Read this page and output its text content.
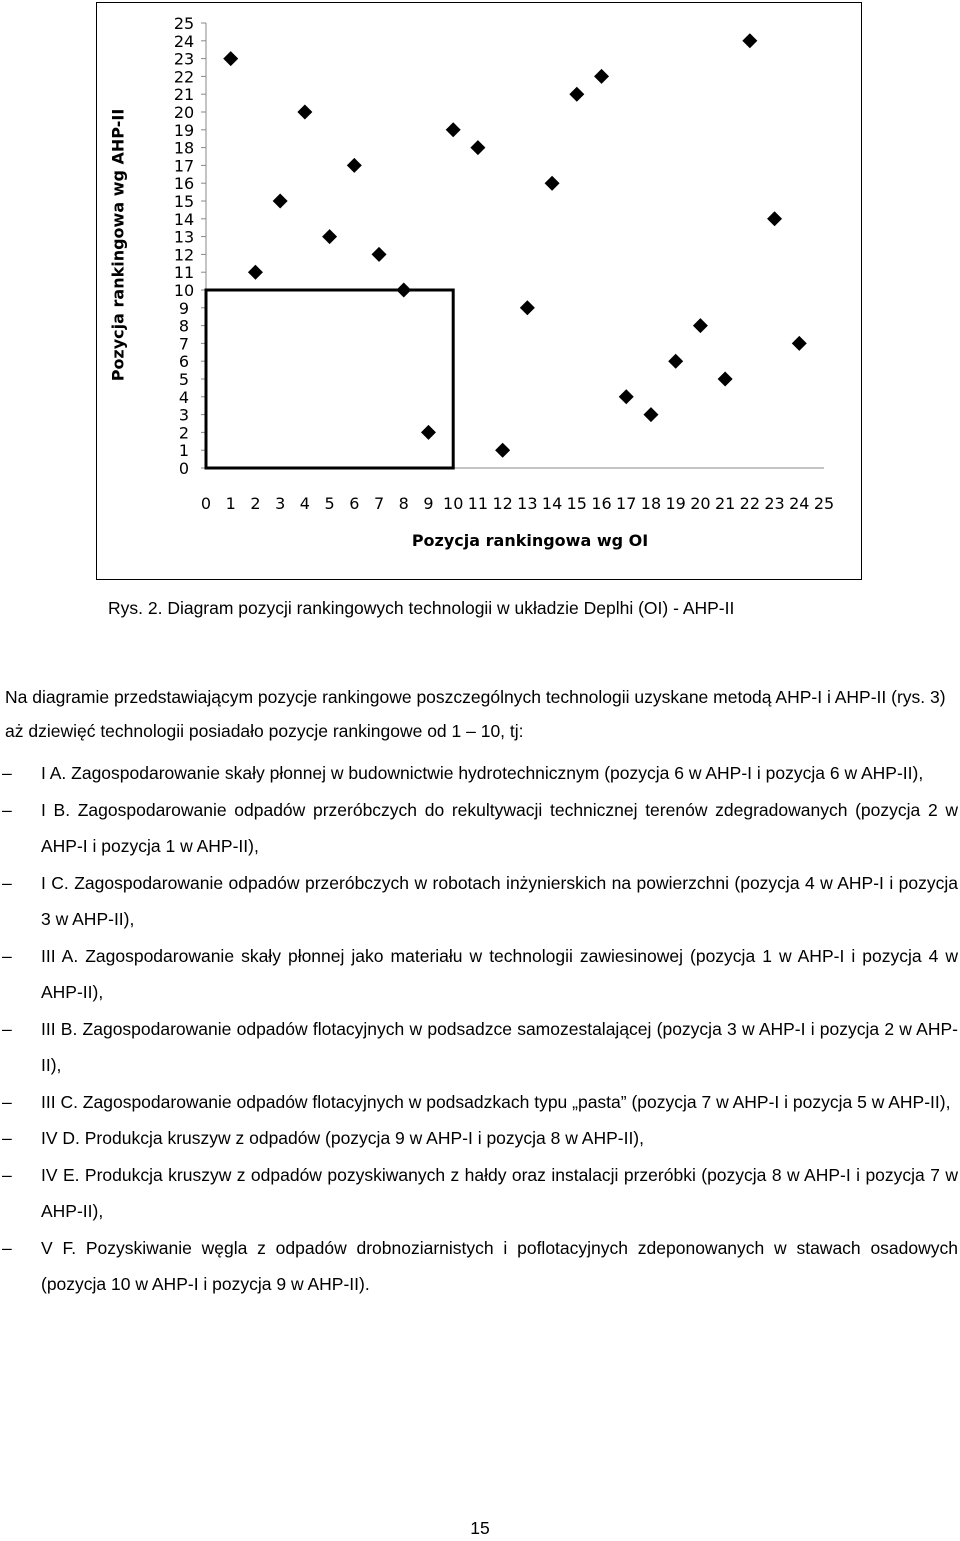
25
24
23
22
21
20
19
18
17
16
15
14
13
12
11
10
9
8
7
6
5
4
3
2
1
0
0 1 2 3 4 5 6 7 8 9 10 11 12 13 14 15 16 17 18 19 20 21 22 23 24 25
Pozycja rankingowa wg AHP-II
Pozycja rankingowa wg OI
Rys. 2. Diagram pozycji rankingowych technologii w układzie Deplhi (OI) - AHP-II
Na diagramie przedstawiającym pozycje rankingowe poszczególnych technologii uzyskane metodą AHP-I i AHP-II (rys. 3) aż dziewięć technologii posiadało pozycje rankingowe od 1 – 10, tj:
–	I A. Zagospodarowanie skały płonnej w budownictwie hydrotechnicznym (pozycja 6 w AHP-I i pozycja 6 w AHP-II),
–	I B. Zagospodarowanie odpadów przeróbczych do rekultywacji technicznej terenów zdegradowanych (pozycja 2 w AHP-I i pozycja 1 w AHP-II),
–	I C. Zagospodarowanie odpadów przeróbczych w robotach inżynierskich na powierzchni (pozycja 4 w AHP-I i pozycja 3 w AHP-II),
–	III A. Zagospodarowanie skały płonnej jako materiału w technologii zawiesinowej (pozycja 1 w AHP-I i pozycja 4 w AHP-II),
–	III B. Zagospodarowanie odpadów flotacyjnych w podsadzce samozestalającej (pozycja 3 w AHP-I i pozycja 2 w AHP-II),
–	III C. Zagospodarowanie odpadów flotacyjnych w podsadzkach typu „pasta” (pozycja 7 w AHP-I i pozycja 5 w AHP-II),
–	IV D. Produkcja kruszyw z odpadów (pozycja 9 w AHP-I i pozycja 8 w AHP-II),
–	IV E. Produkcja kruszyw z odpadów pozyskiwanych z hałdy oraz instalacji przeróbki (pozycja 8 w AHP-I i pozycja 7 w AHP-II),
–	V F. Pozyskiwanie węgla z odpadów drobnoziarnistych i poflotacyjnych zdeponowanych w stawach osadowych (pozycja 10 w AHP-I i pozycja 9 w AHP-II).
15
